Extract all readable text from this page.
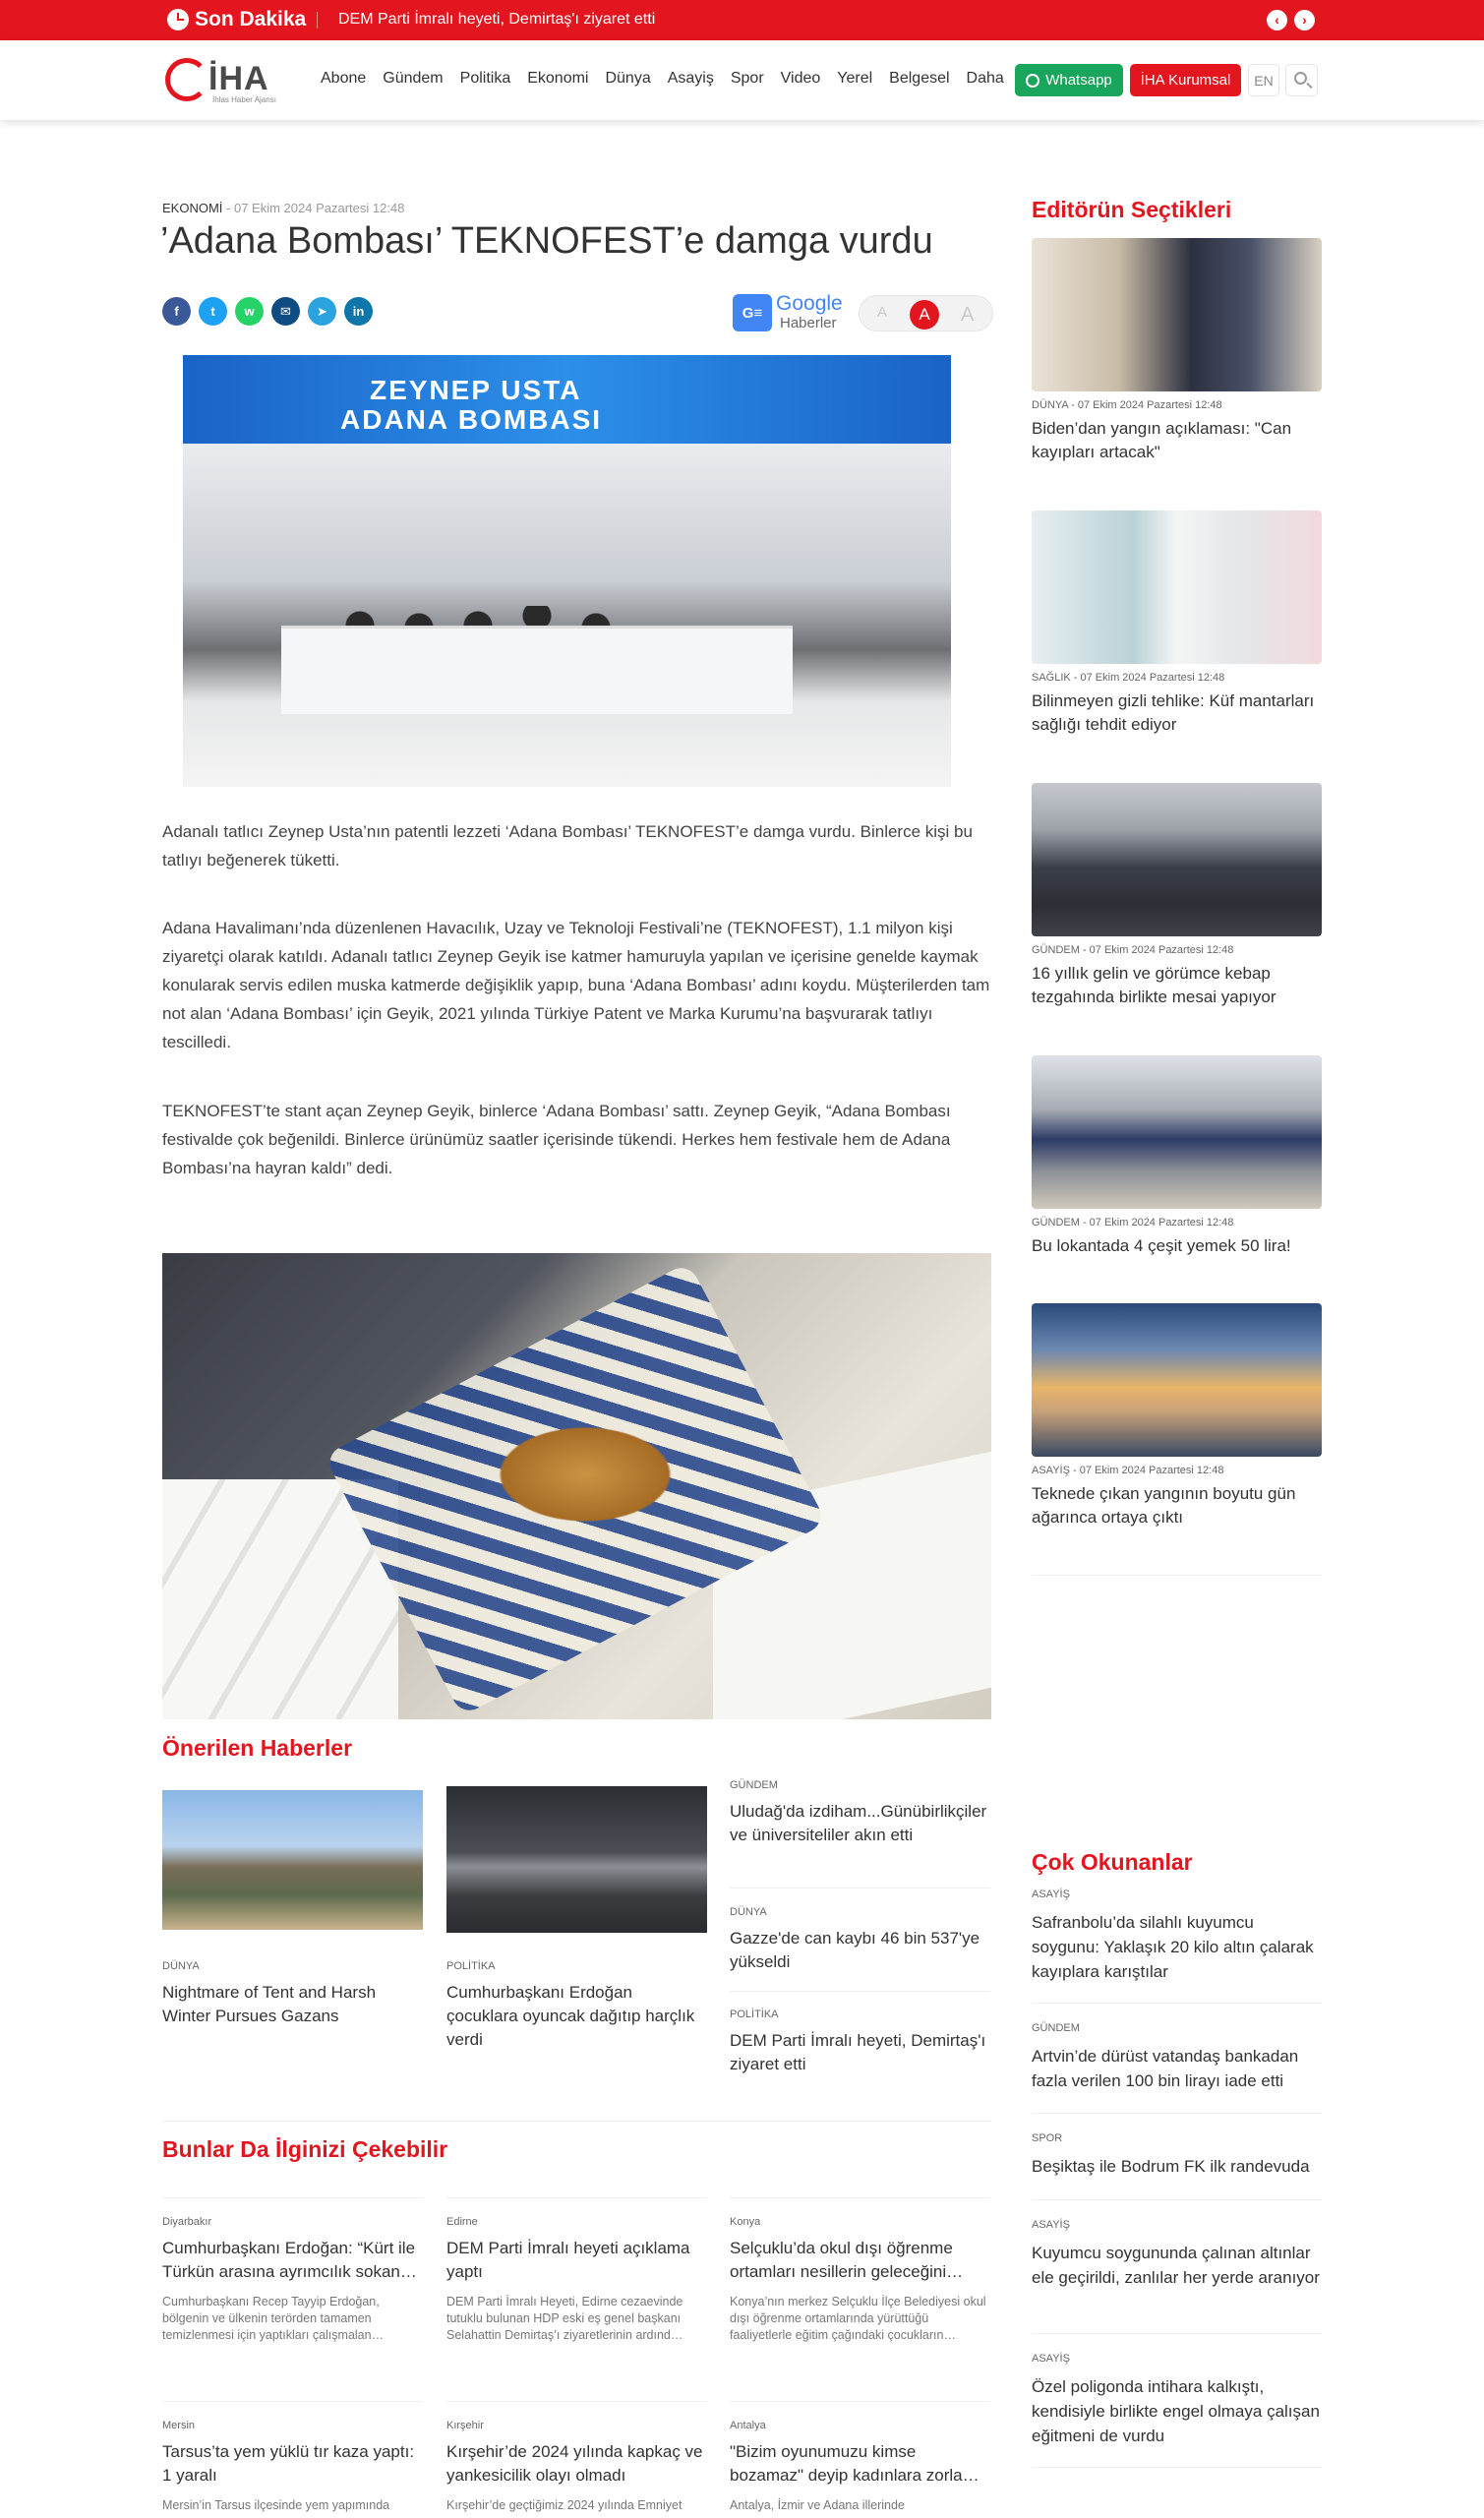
Son Dakika DEM Parti İmralı heyeti, Demirtaş'ı ziyaret etti	‹	›
İHA
İhlas Haber Ajansı
Abone Gündem Politika Ekonomi Dünya Asayiş Spor Video Yerel Belgesel Daha	Whatsapp	İHA Kurumsal	EN
EKONOMİ - 07 Ekim 2024 Pazartesi 12:48
’Adana Bombası’ TEKNOFEST’e damga vurdu
f	t	w	✉	➤	in	G≡ Google
Haberler
A	A	A
ZEYNEP USTA
ADANA BOMBASI

Adanalı tatlıcı Zeynep Usta’nın patentli lezzeti ‘Adana Bombası’ TEKNOFEST’e damga vurdu. Binlerce kişi bu tatlıyı beğenerek tüketti.

Adana Havalimanı’nda düzenlenen Havacılık, Uzay ve Teknoloji Festivali’ne (TEKNOFEST), 1.1 milyon kişi ziyaretçi olarak katıldı. Adanalı tatlıcı Zeynep Geyik ise katmer hamuruyla yapılan ve içerisine genelde kaymak konularak servis edilen muska katmerde değişiklik yapıp, buna ‘Adana Bombası’ adını koydu. Müşterilerden tam not alan ‘Adana Bombası’ için Geyik, 2021 yılında Türkiye Patent ve Marka Kurumu’na başvurarak tatlıyı tescilledi.

TEKNOFEST’te stant açan Zeynep Geyik, binlerce ‘Adana Bombası’ sattı. Zeynep Geyik, “Adana Bombası festivalde çok beğenildi. Binlerce ürünümüz saatler içerisinde tükendi. Herkes hem festivale hem de Adana Bombası’na hayran kaldı” dedi.

Önerilen Haberler
DÜNYA
Nightmare of Tent and Harsh Winter Pursues Gazans
POLİTİKA
Cumhurbaşkanı Erdoğan çocuklara oyuncak dağıtıp harçlık verdi
GÜNDEM
Uludağ'da izdiham...Günübirlikçiler ve üniversiteliler akın etti
DÜNYA
Gazze'de can kaybı 46 bin 537'ye yükseldi
POLİTİKA
DEM Parti İmralı heyeti, Demirtaş'ı ziyaret etti
Bunlar Da İlginizi Çekebilir
Diyarbakır
Cumhurbaşkanı Erdoğan: “Kürt ile Türkün arasına ayrımcılık sokan…
Cumhurbaşkanı Recep Tayyip Erdoğan, bölgenin ve ülkenin terörden tamamen temizlenmesi için yaptıkları çalışmalan…
Edirne
DEM Parti İmralı heyeti açıklama yaptı
DEM Parti İmralı Heyeti, Edirne cezaevinde tutuklu bulunan HDP eski eş genel başkanı Selahattin Demirtaş’ı ziyaretlerinin ardınd…
Konya
Selçuklu’da okul dışı öğrenme ortamları nesillerin geleceğini…
Konya’nın merkez Selçuklu İlçe Belediyesi okul dışı öğrenme ortamlarında yürüttüğü faaliyetlerle eğitim çağındaki çocukların…
Mersin
Tarsus’ta yem yüklü tır kaza yaptı: 1 yaralı
Mersin’in Tarsus ilçesinde yem yapımında
Kırşehir
Kırşehir’de 2024 yılında kapkaç ve yankesicilik olayı olmadı
Kırşehir’de geçtiğimiz 2024 yılında Emniyet
Antalya
"Bizim oyunumuzu kimse bozamaz" deyip kadınlara zorla…
Antalya, İzmir ve Adana illerinde
Editörün Seçtikleri
DÜNYA - 07 Ekim 2024 Pazartesi 12:48
Biden’dan yangın açıklaması: "Can kayıpları artacak"
SAĞLIK - 07 Ekim 2024 Pazartesi 12:48
Bilinmeyen gizli tehlike: Küf mantarları sağlığı tehdit ediyor
GÜNDEM - 07 Ekim 2024 Pazartesi 12:48
16 yıllık gelin ve görümce kebap tezgahında birlikte mesai yapıyor
GÜNDEM - 07 Ekim 2024 Pazartesi 12:48
Bu lokantada 4 çeşit yemek 50 lira!
ASAYİŞ - 07 Ekim 2024 Pazartesi 12:48
Teknede çıkan yangının boyutu gün ağarınca ortaya çıktı
Çok Okunanlar
ASAYİŞ
Safranbolu’da silahlı kuyumcu soygunu: Yaklaşık 20 kilo altın çalarak kayıplara karıştılar
GÜNDEM
Artvin’de dürüst vatandaş bankadan fazla verilen 100 bin lirayı iade etti
SPOR
Beşiktaş ile Bodrum FK ilk randevuda
ASAYİŞ
Kuyumcu soygununda çalınan altınlar ele geçirildi, zanlılar her yerde aranıyor
ASAYİŞ
Özel poligonda intihara kalkıştı, kendisiyle birlikte engel olmaya çalışan eğitmeni de vurdu
